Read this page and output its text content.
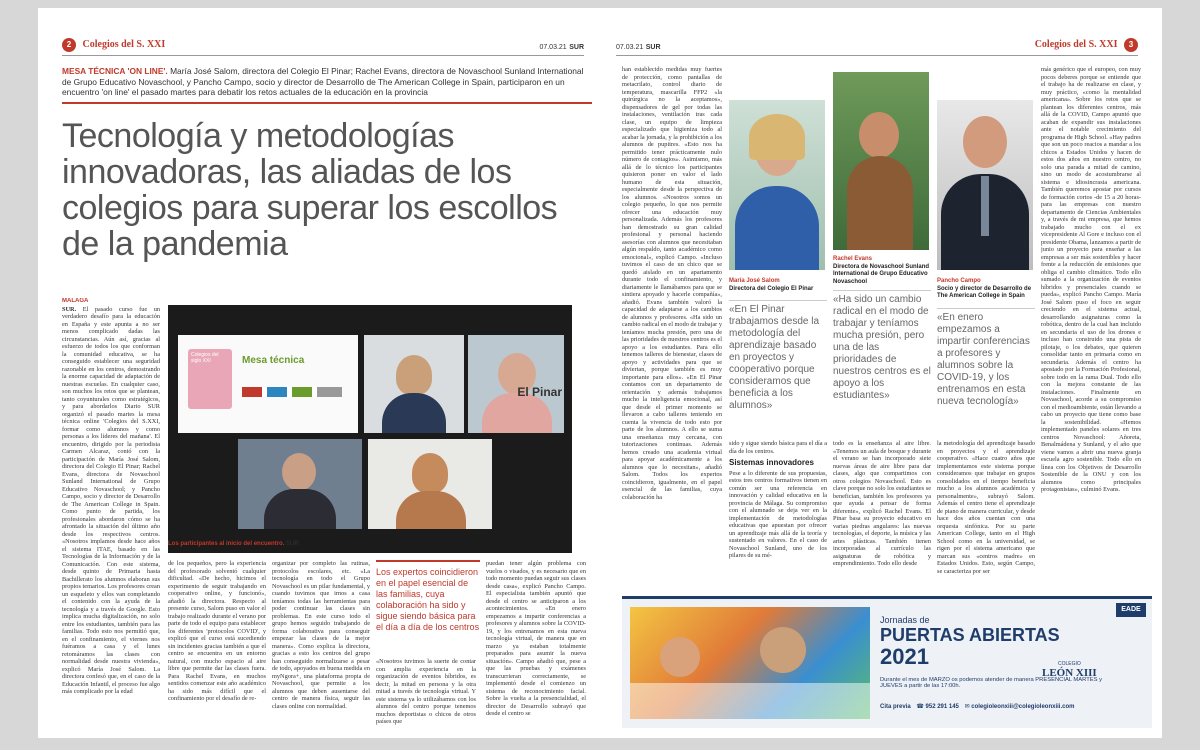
2 Colegios del S. XXI	07.03.21 SUR
MESA TÉCNICA 'ON LINE'. María José Salom, directora del Colegio El Pinar; Rachel Evans, directora de Novaschool Sunland International de Grupo Educativo Novaschool, y Pancho Campo, socio y director de Desarrollo de The American College in Spain, participaron en un encuentro 'on line' el pasado martes para debatir los retos actuales de la educación en la provincia
Tecnología y metodologías innovadoras, las aliadas de los colegios para superar los escollos de la pandemia
MÁLAGA

SUR. El pasado curso fue un verdadero desafío para la educación en España y este apunta a no ser menos complicado dadas las circunstancias. Aún así, gracias al esfuerzo de todos los que conforman la comunidad educativa, se ha conseguido establecer una seguridad razonable en los centros, demostrando la enorme capacidad de adaptación de nuestras escuelas. En cualquier caso, son muchos los retos que se plantean, tanto coyunturales como estratégicos, y para abordarlos Diario SUR organizó el pasado martes la mesa técnica online 'Colegios del S.XXI, formar como alumnos y como personas a los líderes del mañana'. El encuentro, dirigido por la periodista Carmen Alcaraz, contó con la participación de María José Salom, directora del Colegio El Pinar; Rachel Evans, directora de Novaschool Sunland International de Grupo Educativo Novaschool; y Pancho Campo, socio y director de Desarrollo de The American College in Spain. Como punto de partida, los profesionales abordaron cómo se ha afrontado la situación del último año desde los respectivos centros. «Nosotros implamos desde hace años el sistema ITAE, basado en las Tecnologías de la Información y de la Comunicación. Con este sistema, desde quinto de Primaria hasta Bachillerato los alumnos elaboran sus propios temarios. Los profesores crean un esqueleto y ellos van completando el contenido con la ayuda de la tecnología y a través de Google. Esto implica mucha digitalización, no solo entre los estudiantes, también para las familias. Todo esto nos permitió que, en el confinamiento, el viernes nos fuéramos a casa y el lunes retomáramos las clases con normalidad desde nuestra vivienda», explicó María José Salom. La directora confesó que, en el caso de la Educación Infantil, el proceso fue algo más complicado por la edad

Colegios del siglo XXI	Mesa técnica
El Pinar
Los participantes al inicio del encuentro. SUR

de los pequeños, pero la experiencia del profesorado solventó cualquier dificultad. «De hecho, hicimos el experimento de seguir trabajando en cooperativo online, y funcionó», añadió la directora. Respecto al presente curso, Salom puso en valor el trabajo realizado durante el verano por parte de todo el equipo para establecer los diferentes 'protocolos COVID', y explicó que el curso está sucediendo sin incidentes gracias también a que el centro se encuentra en un entorno natural, con mucho espacio al aire libre que permite dar las clases fuera. Para Rachel Evans, en muchos sentidos comenzar este año académico ha sido más difícil que el confinamiento por el desafío de re-

organizar por completo las rutinas, protocolos escolares, etc. «La tecnología en todo el Grupo Novaschool es un pilar fundamental, y cuando tuvimos que irnos a casa teníamos todas las herramientas para poder continuar las clases sin problemas. En este curso todo el grupo hemos seguido trabajando de forma colaborativa para conseguir empezar las clases de la mejor manera». Como explica la directora, gracias a esto los centros del grupo han conseguido normalizarse a pesar de todo, apoyados en buena medida en myNgora+, una plataforma propia de Novaschool, que permite a los alumnos que deben ausentarse del centro de manera física, seguir las clases online con normalidad.

Los expertos coincidieron en el papel esencial de las familias, cuya colaboración ha sido y sigue siendo básica para el día a día de los centros

«Nosotros tuvimos la suerte de contar con amplia experiencia en la organización de eventos híbridos, es decir, la mitad en persona y la otra mitad a través de tecnología virtual. Y este sistema ya lo utilizábamos con los alumnos del centro porque tenemos muchos deportistas o chicos de otros países que

puedan tener algún problema con vuelos o visados, y es necesario que en todo momento puedan seguir sus clases desde casa», explicó Pancho Campo. El especialista también apuntó que desde el centro se anticiparon a los acontecimientos. «En enero empezamos a impartir conferencias a profesores y alumnos sobre la COVID-19, y los entrenamos en esta nueva tecnología virtual, de manera que en marzo ya estaban totalmente preparados para asumir la nueva situación». Campo añadió que, pese a que las pruebas y exámenes transcurrieran correctamente, se implementó desde el comienzo un sistema de reconocimiento facial. Sobre la vuelta a la presencialidad, el director de Desarrollo subrayó que desde el centro se

07.03.21 SUR	Colegios del S. XXI 3

han establecido medidas muy fuertes de protección, como pantallas de metacrilato, control diario de temperatura, mascarilla FFP2 «la quirúrgica no la aceptamos», dispensadores de gel por todas las instalaciones, ventilación tras cada clase, un equipo de limpieza especializado que higieniza todo al acabar la jornada, y la prohibición a los alumnos de pupitres. «Esto nos ha permitido tener prácticamente nulo número de contagios». Asimismo, más allá de lo técnico los participantes quisieron poner en valor el lado humano de esta situación, especialmente desde la perspectiva de los alumnos. «Nosotros somos un colegio pequeño, lo que nos permite ofrecer una educación muy personalizada. Además los profesores han demostrado su gran calidad profesional y personal haciendo asesorías con alumnos que necesitaban algún respaldo, tanto académico como emocional», explicó Campo. «Incluso tuvimos el caso de un chico que se quedó aislado en un apartamento durante todo el confinamiento, y diariamente le llamábamos para que se sintiera apoyado y hacerle compañía», añadió. Evans también valoró la capacidad de adaptarse a los cambios de alumnos y profesores. «Ha sido un cambio radical en el modo de trabajar y teníamos mucha presión, pero una de las prioridades de nuestros centros es el apoyo a los estudiantes. Para ello tenemos talleres de bienestar, clases de apoyo y actividades para que se diviertan, porque también es muy importante para ellos». «En El Pinar contamos con un departamento de orientación y además trabajamos mucho la inteligencia emocional, así que desde el primer momento se llevaron a cabo talleres teniendo en cuenta la vivencia de todo esto por parte de los alumnos. A ello se suma una enseñanza muy cercana, con tutorizaciones continuas. Además hemos creado una academia virtual para apoyar académicamente a los alumnos que lo necesitan», añadió Salom. Todos los expertos coincidieron, igualmente, en el papel esencial de las familias, cuya colaboración ha

María José Salom
Directora del Colegio El Pinar
«En El Pinar trabajamos desde la metodología del aprendizaje basado en proyectos y cooperativo porque consideramos que beneficia a los alumnos»
Rachel Evans
Directora de Novaschool Sunland International de Grupo Educativo Novaschool
«Ha sido un cambio radical en el modo de trabajar y teníamos mucha presión, pero una de las prioridades de nuestros centros es el apoyo a los estudiantes»
Pancho Campo
Socio y director de Desarrollo de The American College in Spain
«En enero empezamos a impartir conferencias a profesores y alumnos sobre la COVID-19, y los entrenamos en esta nueva tecnología»

sido y sigue siendo básica para el día a día de los centros.

Sistemas innovadores

Pese a lo diferente de sus propuestas, estos tres centros formativos tienen en común ser una referencia en innovación y calidad educativa en la provincia de Málaga. Su compromiso con el alumnado se deja ver en la implementación de metodologías educativas que apuestan por ofrecer un aprendizaje más allá de la teoría y sustentado en valores. En el caso de Novaschool Sunland, uno de los pilares de su mé-

todo es la enseñanza al aire libre. «Tenemos un aula de bosque y durante el verano se han incorporado siete nuevas áreas de aire libre para dar clases, algo que compartimos con otros colegios Novaschool. Esto es clave porque no solo los estudiantes se benefician, también los profesores ya que ayuda a pensar de forma diferente», explicó Rachel Evans. El Pinar basa su proyecto educativo en varias piedras angulares: las nuevas tecnologías, el deporte, la música y las artes plásticas. También tienen incorporadas al currículo las asignaturas de robótica y emprendimiento. Todo ello desde

la metodología del aprendizaje basado en proyectos y el aprendizaje cooperativo. «Hace cuatro años que implementamos este sistema porque consideramos que trabajar en grupos consolidados en el tiempo beneficia mucho a los alumnos académica y personalmente», subrayó Salom. Además el centro tiene el aprendizaje de piano de manera curricular, y desde hace dos años cuentan con una orquesta sinfónica. Por su parte American College, tanto en el High School como en la universidad, se rigen por el sistema americano que marcan sus «centros madre» en Estados Unidos. Esto, según Campo, se caracteriza por ser

más genérico que el europeo, con muy pocos deberes porque se entiende que el trabajo ha de realizarse en clase, y muy práctico, «como la mentalidad americana». Sobre los retos que se plantean los diferentes centros, más allá de la COVID, Campo apuntó que acaban de expandir sus instalaciones ante el notable crecimiento del programa de High School. «Hay padres que son un poco reacios a mandar a los chicos a Estados Unidos y hacen de estos dos años en nuestro centro, no solo una parada a mitad de camino, sino un modo de acostumbrarse al sistema e idiosincrasia americana. También queremos apostar por cursos de formación cortos -de 15 a 20 horas- para las empresas con nuestro departamento de Ciencias Ambientales y, a través de mi empresa, que hemos trabajado mucho con el ex vicepresidente Al Gore e incluso con el presidente Obama, lanzamos a partir de junio un proyecto para enseñar a las empresas a ser más sostenibles y hacer frente a la reducción de emisiones que obliga el cambio climático. Todo ello sumado a la organización de eventos híbridos y presenciales cuando se pueda», explicó Pancho Campo. María José Salom puso el foco en seguir creciendo en el sistema actual, desarrollando asignaturas como la robótica, dentro de la cual han incluido en secundaria el uso de los drones e incluso han construido una pista de pilotaje, o los debates, que quieren consolidar tanto en primaria como en secundaria. Además el centro ha apostado por la Formación Profesional, sobre todo en la rama Dual. Todo ello con la mejora constante de las instalaciones. Finalmente en Novaschool, acorde a su compromiso con el medioambiente, están llevando a cabo un proyecto que tiene como base la sostenibilidad. «Hemos implementado paneles solares en tres centros Novaschool: Añoreta, Benalmádena y Sunland, y el año que viene vamos a abrir una nueva granja escuela agro sostenible. Todo ello en línea con los Objetivos de Desarrollo Sostenible de la ONU y con los alumnos como principales protagonistas», culminó Evans.

Jornadas de
PUERTAS ABIERTAS
2021
Durante el mes de MARZO os podemos atender de manera PRESENCIAL MARTES y JUEVES a partir de las 17:00h.
COLEGIO
LEÓN XIII
EADE
Cita previa ☎ 952 291 145 ✉ colegioleonxiii@colegioleonxiii.com
